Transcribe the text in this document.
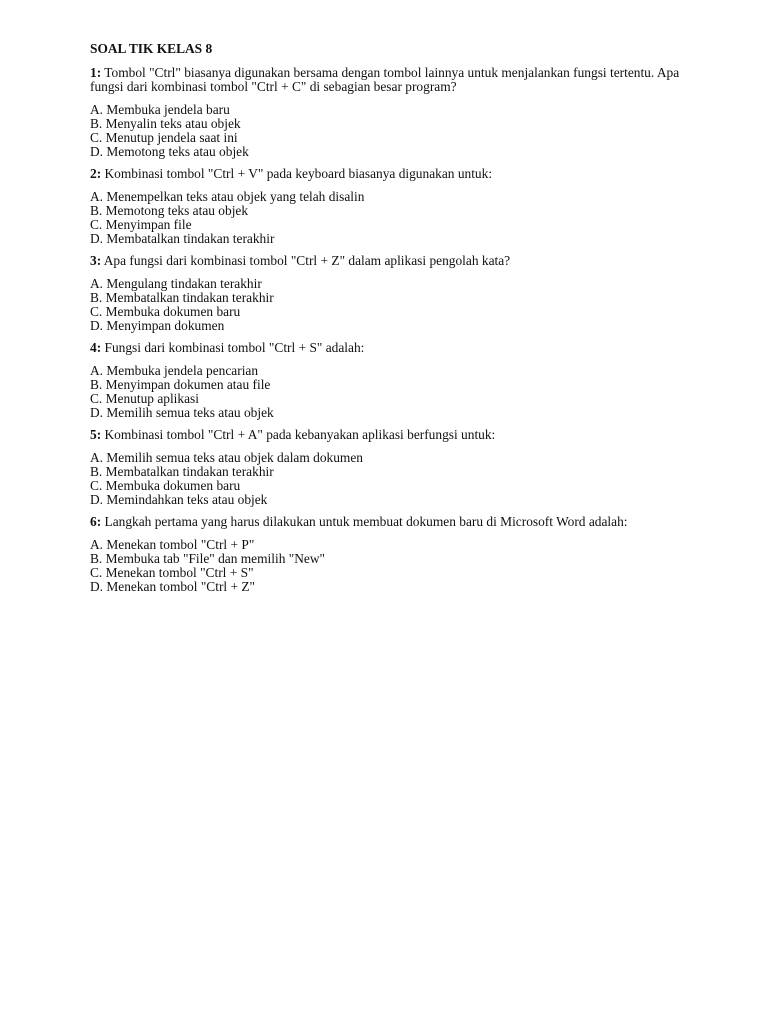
SOAL TIK KELAS 8
1: Tombol "Ctrl" biasanya digunakan bersama dengan tombol lainnya untuk menjalankan fungsi tertentu. Apa fungsi dari kombinasi tombol "Ctrl + C" di sebagian besar program?
A. Membuka jendela baru
B. Menyalin teks atau objek
C. Menutup jendela saat ini
D. Memotong teks atau objek
2: Kombinasi tombol "Ctrl + V" pada keyboard biasanya digunakan untuk:
A. Menempelkan teks atau objek yang telah disalin
B. Memotong teks atau objek
C. Menyimpan file
D. Membatalkan tindakan terakhir
3: Apa fungsi dari kombinasi tombol "Ctrl + Z" dalam aplikasi pengolah kata?
A. Mengulang tindakan terakhir
B. Membatalkan tindakan terakhir
C. Membuka dokumen baru
D. Menyimpan dokumen
4: Fungsi dari kombinasi tombol "Ctrl + S" adalah:
A. Membuka jendela pencarian
B. Menyimpan dokumen atau file
C. Menutup aplikasi
D. Memilih semua teks atau objek
5: Kombinasi tombol "Ctrl + A" pada kebanyakan aplikasi berfungsi untuk:
A. Memilih semua teks atau objek dalam dokumen
B. Membatalkan tindakan terakhir
C. Membuka dokumen baru
D. Memindahkan teks atau objek
6: Langkah pertama yang harus dilakukan untuk membuat dokumen baru di Microsoft Word adalah:
A. Menekan tombol "Ctrl + P"
B. Membuka tab "File" dan memilih "New"
C. Menekan tombol "Ctrl + S"
D. Menekan tombol "Ctrl + Z"
